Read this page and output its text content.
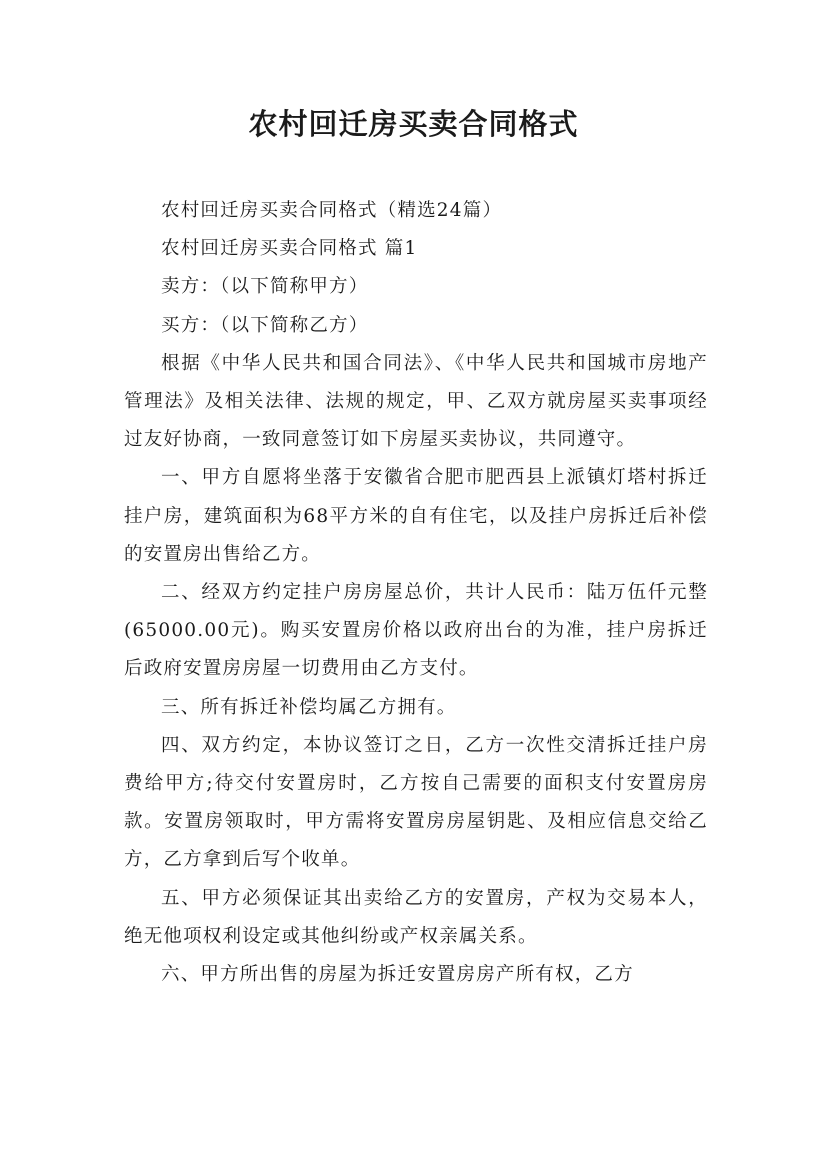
农村回迁房买卖合同格式

农村回迁房买卖合同格式（精选24篇）

农村回迁房买卖合同格式 篇1

卖方：（以下简称甲方）

买方：（以下简称乙方）

根据《中华人民共和国合同法》、《中华人民共和国城市房地产管理法》及相关法律、法规的规定，甲、乙双方就房屋买卖事项经过友好协商，一致同意签订如下房屋买卖协议，共同遵守。

一、甲方自愿将坐落于安徽省合肥市肥西县上派镇灯塔村拆迁挂户房，建筑面积为68平方米的自有住宅，以及挂户房拆迁后补偿的安置房出售给乙方。

二、经双方约定挂户房房屋总价，共计人民币：陆万伍仟元整(65000.00元)。购买安置房价格以政府出台的为准，挂户房拆迁后政府安置房房屋一切费用由乙方支付。

三、所有拆迁补偿均属乙方拥有。

四、双方约定，本协议签订之日，乙方一次性交清拆迁挂户房费给甲方;待交付安置房时，乙方按自己需要的面积支付安置房房款。安置房领取时，甲方需将安置房房屋钥匙、及相应信息交给乙方，乙方拿到后写个收单。

五、甲方必须保证其出卖给乙方的安置房，产权为交易本人，绝无他项权利设定或其他纠纷或产权亲属关系。

六、甲方所出售的房屋为拆迁安置房房产所有权，乙方
